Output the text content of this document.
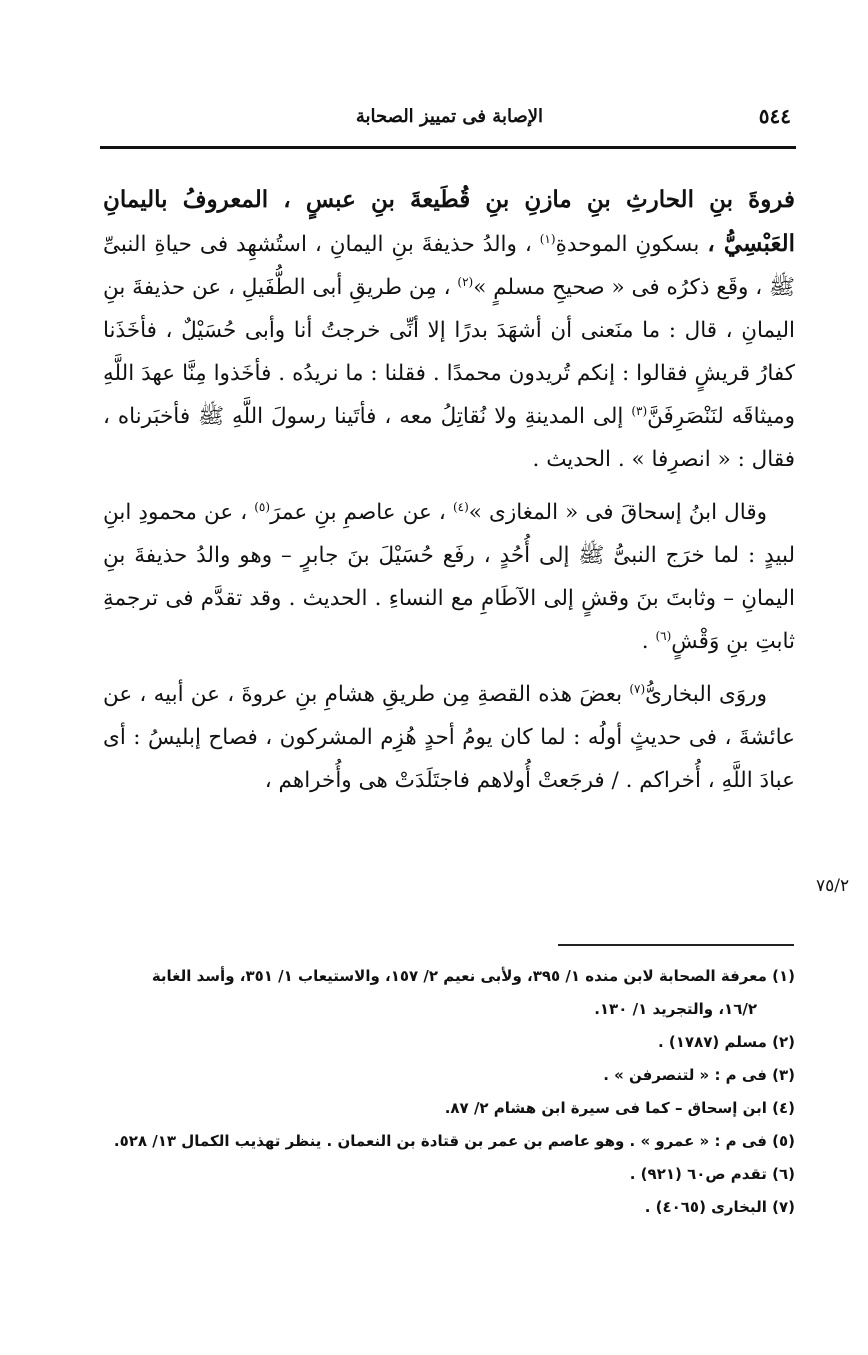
٥٤٤
الإصابة فى تمييز الصحابة

فروةَ بنِ الحارثِ بنِ مازنِ بنِ قُطَيعةَ بنِ عبسٍ ، المعروفُ باليمانِ العَبْسِيُّ ، بسكونِ الموحدةِ$^{(١)}$ ، والدُ حذيفةَ بنِ اليمانِ ، استُشهِد فى حياةِ النبىِّ ﷺ ، وقَع ذكرُه فى « صحيحِ مسلمٍ »$^{(٢)}$ ، مِن طريقِ أبى الطُّفَيلِ ، عن حذيفةَ بنِ اليمانِ ، قال : ما منَعنى أن أشهَدَ بدرًا إلا أنِّى خرجتُ أنا وأبى حُسَيْلٌ ، فأخَذَنا كفارُ قريشٍ فقالوا : إنكم تُريدون محمدًا . فقلنا : ما نريدُه . فأخَذوا مِنَّا عهدَ اللَّهِ وميثاقَه لنَنْصَرِفَنَّ$^{(٣)}$ إلى المدينةِ ولا نُقاتِلُ معه ، فأتَينا رسولَ اللَّهِ ﷺ فأخبَرناه ، فقال : « انصرِفا » . الحديث .

وقال ابنُ إسحاقَ فى « المغازى »$^{(٤)}$ ، عن عاصمِ بنِ عمرَ$^{(٥)}$ ، عن محمودِ ابنِ لبيدٍ : لما خرَج النبىُّ ﷺ إلى أُحُدٍ ، رفَع حُسَيْلَ بنَ جابرٍ – وهو والدُ حذيفةَ بنِ اليمانِ – وثابتَ بنَ وقشٍ إلى الآطَامِ مع النساءِ . الحديث . وقد تقدَّم فى ترجمةِ ثابتِ بنِ وَقْشٍ$^{(٦)}$ .

وروَى البخارىُّ$^{(٧)}$ بعضَ هذه القصةِ مِن طريقِ هشامِ بنِ عروةَ ، عن أبيه ، عن عائشةَ ، فى حديثٍ أولُه : لما كان يومُ أحدٍ هُزِم المشركون ، فصاح إبليسُ : أى عبادَ اللَّهِ ، أُخراكم . / فرجَعتْ أُولاهم فاجتَلَدَتْ هى وأُخراهم ،

٧٥/٢

(١) معرفة الصحابة لابن منده ١/ ٣٩٥، ولأبى نعيم ٢/ ١٥٧، والاستيعاب ١/ ٣٥١، وأسد الغابة

١٦/٢، والتجريد ١/ ١٣٠.

(٢) مسلم (١٧٨٧) .

(٣) فى م : « لتنصرفن » .

(٤) ابن إسحاق – كما فى سيرة ابن هشام ٢/ ٨٧.

(٥) فى م : « عمرو » . وهو عاصم بن عمر بن قتادة بن النعمان . ينظر تهذيب الكمال ١٣/ ٥٢٨.

(٦) تقدم ص٦٠ (٩٢١) .

(٧) البخارى (٤٠٦٥) .
